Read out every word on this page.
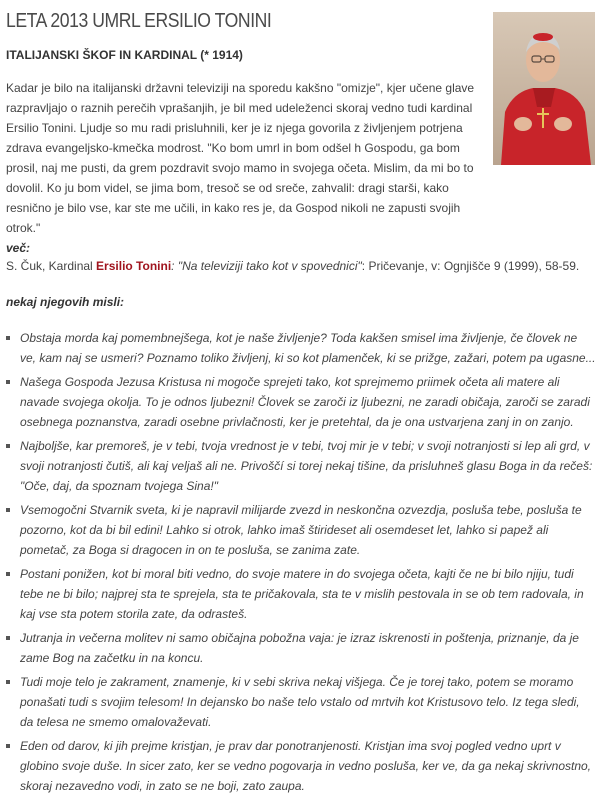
LETA 2013 UMRL ERSILIO TONINI
ITALIJANSKI ŠKOF IN KARDINAL (* 1914)

Kadar je bilo na italijanski državni televiziji na sporedu kakšno "omizje", kjer učene glave razpravljajo o raznih perečih vprašanjih, je bil med udeleženci skoraj vedno tudi kardinal Ersilio Tonini. Ljudje so mu radi prisluhnili, ker je iz njega govorila z življenjem potrjena zdrava evangeljsko-kmečka modrost. "Ko bom umrl in bom odšel h Gospodu, ga bom prosil, naj me pusti, da grem pozdravit svojo mamo in svojega očeta. Mislim, da mi bo to dovolil. Ko ju bom videl, se jima bom, tresoč se od sreče, zahvalil: dragi starši, kako resnično je bilo vse, kar ste me učili, in kako res je, da Gospod nikoli ne zapusti svojih otrok."

več:
S. Čuk, Kardinal Ersilio Tonini: "Na televiziji tako kot v spovednici": Pričevanje, v: Ognjišče 9 (1999), 58-59.
nekaj njegovih misli:
Obstaja morda kaj pomembnejšega, kot je naše življenje? Toda kakšen smisel ima življenje, če človek ne ve, kam naj se usmeri? Poznamo toliko življenj, ki so kot plamenček, ki se prižge, zažari, potem pa ugasne...
Našega Gospoda Jezusa Kristusa ni mogoče sprejeti tako, kot sprejmemo priimek očeta ali matere ali navade svojega okolja. To je odnos ljubezni! Človek se zaroči iz ljubezni, ne zaradi običaja, zaroči se zaradi osebnega poznanstva, zaradi osebne privlačnosti, ker je pretehtal, da je ona ustvarjena zanj in on zanjo.
Najboljše, kar premoreš, je v tebi, tvoja vrednost je v tebi, tvoj mir je v tebi; v svoji notranjosti si lep ali grd, v svoji notranjosti čutiš, ali kaj veljaš ali ne. Privoščí si torej nekaj tišine, da prisluhneš glasu Boga in da rečeš: "Oče, daj, da spoznam tvojega Sina!"
Vsemogočni Stvarnik sveta, ki je napravil milijarde zvezd in neskončna ozvezdja, posluša tebe, posluša te pozorno, kot da bi bil edini! Lahko si otrok, lahko imaš štirideset ali osemdeset let, lahko si papež ali pometač, za Boga si dragocen in on te posluša, se zanima zate.
Postani ponižen, kot bi moral biti vedno, do svoje matere in do svojega očeta, kajti če ne bi bilo njiju, tudi tebe ne bi bilo; najprej sta te sprejela, sta te pričakovala, sta te v mislih pestovala in se ob tem radovala, in kaj vse sta potem storila zate, da odrasteš.
Jutranja in večerna molitev ni samo običajna pobožna vaja: je izraz iskrenosti in poštenja, priznanje, da je zame Bog na začetku in na koncu.
Tudi moje telo je zakrament, znamenje, ki v sebi skriva nekaj višjega. Če je torej tako, potem se moramo ponašati tudi s svojim telesom! In dejansko bo naše telo vstalo od mrtvih kot Kristusovo telo. Iz tega sledi, da telesa ne smemo omalovaževati.
Eden od darov, ki jih prejme kristjan, je prav dar ponotranjenosti. Kristjan ima svoj pogled vedno uprt v globino svoje duše. In sicer zato, ker se vedno pogovarja in vedno posluša, ker ve, da ga nekaj skrivnostno, skoraj nezavedno vodi, in zato se ne boji, zato zaupa.
